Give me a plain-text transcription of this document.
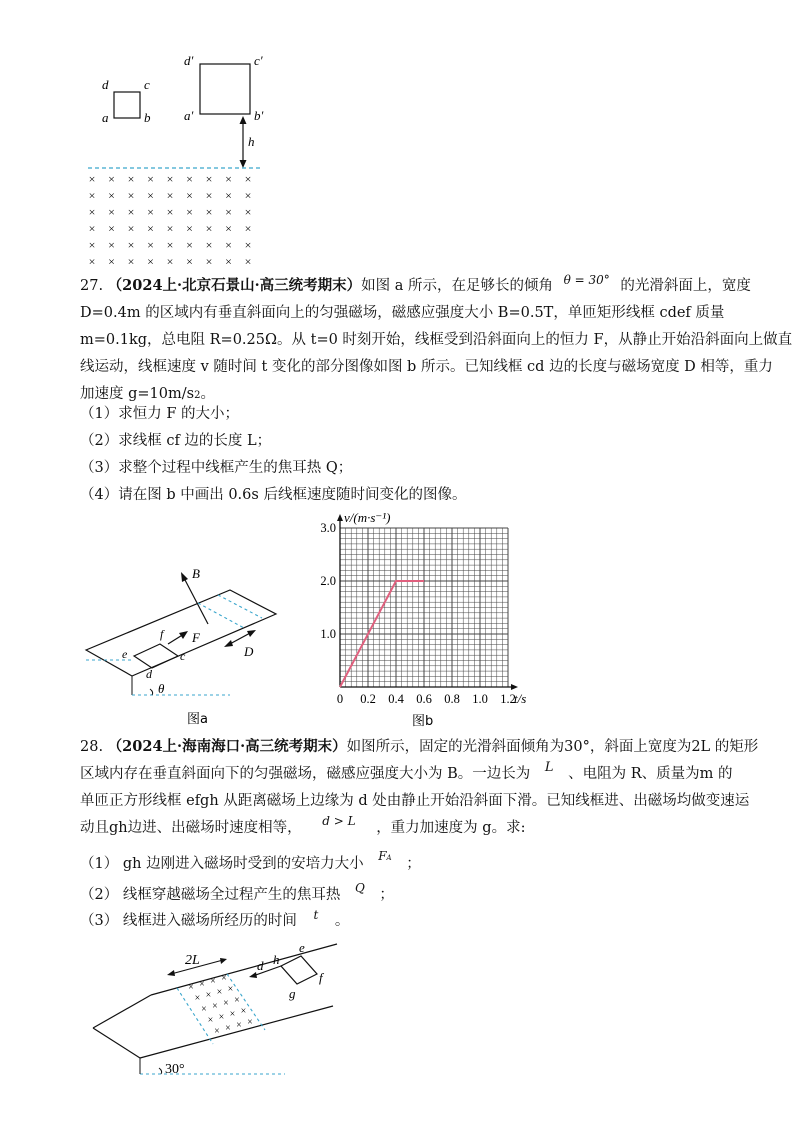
d	c
a	b
d′	c′
a′	b′
h
× × × × × × × × ×
× × × × × × × × ×
× × × × × × × × ×
× × × × × × × × ×
× × × × × × × × ×
× × × × × × × × ×
27. （2024上·北京石景山·高三统考期末）如图 a 所示，在足够长的倾角 $^{\theta = 30^\circ}$ 的光滑斜面上，宽度
D=0.4m 的区域内有垂直斜面向上的匀强磁场，磁感应强度大小 B=0.5T，单匝矩形线框 cdef 质量
m=0.1kg，总电阻 R=0.25Ω。从 t=0 时刻开始，线框受到沿斜面向上的恒力 F，从静止开始沿斜面向上做直
线运动，线框速度 v 随时间 t 变化的部分图像如图 b 所示。已知线框 cd 边的长度与磁场宽度 D 相等，重力
加速度 g=10m/s2。
（1）求恒力 F 的大小；
（2）求线框 cf 边的长度 L；
（3）求整个过程中线框产生的焦耳热 Q；
（4）请在图 b 中画出 0.6s 后线框速度随时间变化的图像。
θ
e
f
c
d
F
B
D
图a
0 0.2 0.4 0.6 0.8 1.0 1.2
1.0
2.0
3.0
v/(m·s⁻¹)
t/s
图b
28. （2024上·海南海口·高三统考期末）如图所示，固定的光滑斜面倾角为30°，斜面上宽度为2L 的矩形
区域内存在垂直斜面向下的匀强磁场，磁感应强度大小为 B。一边长为 L 、电阻为 R、质量为m 的
单匝正方形线框 efgh 从距离磁场上边缘为 d 处由静止开始沿斜面下滑。已知线框进、出磁场均做变速运
动且gh边进、出磁场时速度相等， $^{d > L}$ ，重力加速度为 g。求:
（1） gh 边刚进入磁场时受到的安培力大小 $^{FA}$ ；
（2） 线框穿越磁场全过程产生的焦耳热 $^Q$ ；
（3） 线框进入磁场所经历的时间 $^t$ 。
30°
2L	d
e
f
g
h
× × × ×
× × × ×
× × × ×
× × × ×
× × × ×
